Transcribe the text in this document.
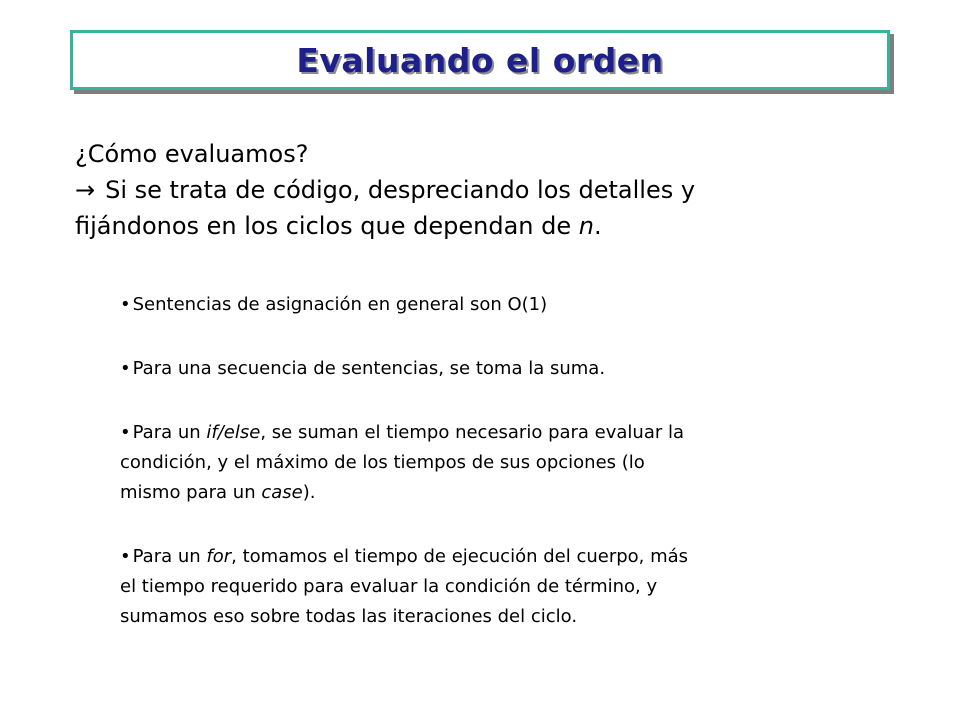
Evaluando el orden
¿Cómo evaluamos?
→ Si se trata de código, despreciando los detalles y
fijándonos en los ciclos que dependan de n.
• Sentencias de asignación en general son O(1)
• Para una secuencia de sentencias, se toma la suma.
• Para un if/else, se suman el tiempo necesario para evaluar la
condición, y el máximo de los tiempos de sus opciones (lo
mismo para un case).
• Para un for, tomamos el tiempo de ejecución del cuerpo, más
el tiempo requerido para evaluar la condición de término, y
sumamos eso sobre todas las iteraciones del ciclo.
